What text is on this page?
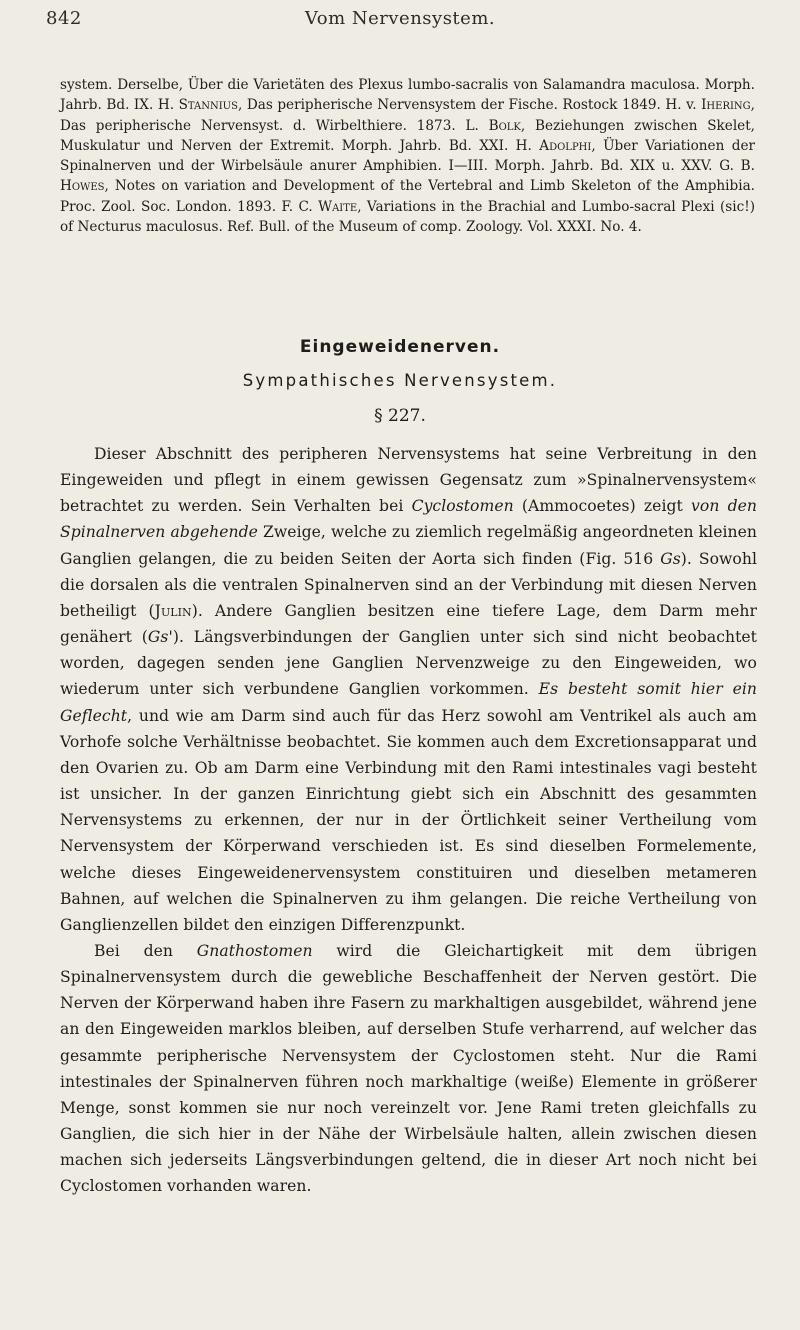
842	Vom Nervensystem.

system. Derselbe, Über die Varietäten des Plexus lumbo-sacralis von Salamandra maculosa. Morph. Jahrb. Bd. IX. H. Stannius, Das peripherische Nervensystem der Fische. Rostock 1849. H. v. Ihering, Das peripherische Nervensyst. d. Wirbelthiere. 1873. L. Bolk, Beziehungen zwischen Skelet, Muskulatur und Nerven der Extremit. Morph. Jahrb. Bd. XXI. H. Adolphi, Über Variationen der Spinalnerven und der Wirbelsäule anurer Amphibien. I—III. Morph. Jahrb. Bd. XIX u. XXV. G. B. Howes, Notes on variation and Development of the Vertebral and Limb Skeleton of the Amphibia. Proc. Zool. Soc. London. 1893. F. C. Waite, Variations in the Brachial and Lumbo-sacral Plexi (sic!) of Necturus maculosus. Ref. Bull. of the Museum of comp. Zoology. Vol. XXXI. No. 4.

Eingeweidenerven.
Sympathisches Nervensystem.
§ 227.

Dieser Abschnitt des peripheren Nervensystems hat seine Verbreitung in den Eingeweiden und pflegt in einem gewissen Gegensatz zum »Spinalnervensystem« betrachtet zu werden. Sein Verhalten bei Cyclostomen (Ammocoetes) zeigt von den Spinalnerven abgehende Zweige, welche zu ziemlich regelmäßig angeordneten kleinen Ganglien gelangen, die zu beiden Seiten der Aorta sich finden (Fig. 516 Gs). Sowohl die dorsalen als die ventralen Spinalnerven sind an der Verbindung mit diesen Nerven betheiligt (Julin). Andere Ganglien besitzen eine tiefere Lage, dem Darm mehr genähert (Gs'). Längsverbindungen der Ganglien unter sich sind nicht beobachtet worden, dagegen senden jene Ganglien Nervenzweige zu den Eingeweiden, wo wiederum unter sich verbundene Ganglien vorkommen. Es besteht somit hier ein Geflecht, und wie am Darm sind auch für das Herz sowohl am Ventrikel als auch am Vorhofe solche Verhältnisse beobachtet. Sie kommen auch dem Excretionsapparat und den Ovarien zu. Ob am Darm eine Verbindung mit den Rami intestinales vagi besteht ist unsicher. In der ganzen Einrichtung giebt sich ein Abschnitt des gesammten Nervensystems zu erkennen, der nur in der Örtlichkeit seiner Vertheilung vom Nervensystem der Körperwand verschieden ist. Es sind dieselben Formelemente, welche dieses Eingeweidenervensystem constituiren und dieselben metameren Bahnen, auf welchen die Spinalnerven zu ihm gelangen. Die reiche Vertheilung von Ganglienzellen bildet den einzigen Differenzpunkt.

Bei den Gnathostomen wird die Gleichartigkeit mit dem übrigen Spinalnervensystem durch die gewebliche Beschaffenheit der Nerven gestört. Die Nerven der Körperwand haben ihre Fasern zu markhaltigen ausgebildet, während jene an den Eingeweiden marklos bleiben, auf derselben Stufe verharrend, auf welcher das gesammte peripherische Nervensystem der Cyclostomen steht. Nur die Rami intestinales der Spinalnerven führen noch markhaltige (weiße) Elemente in größerer Menge, sonst kommen sie nur noch vereinzelt vor. Jene Rami treten gleichfalls zu Ganglien, die sich hier in der Nähe der Wirbelsäule halten, allein zwischen diesen machen sich jederseits Längsverbindungen geltend, die in dieser Art noch nicht bei Cyclostomen vorhanden waren.
